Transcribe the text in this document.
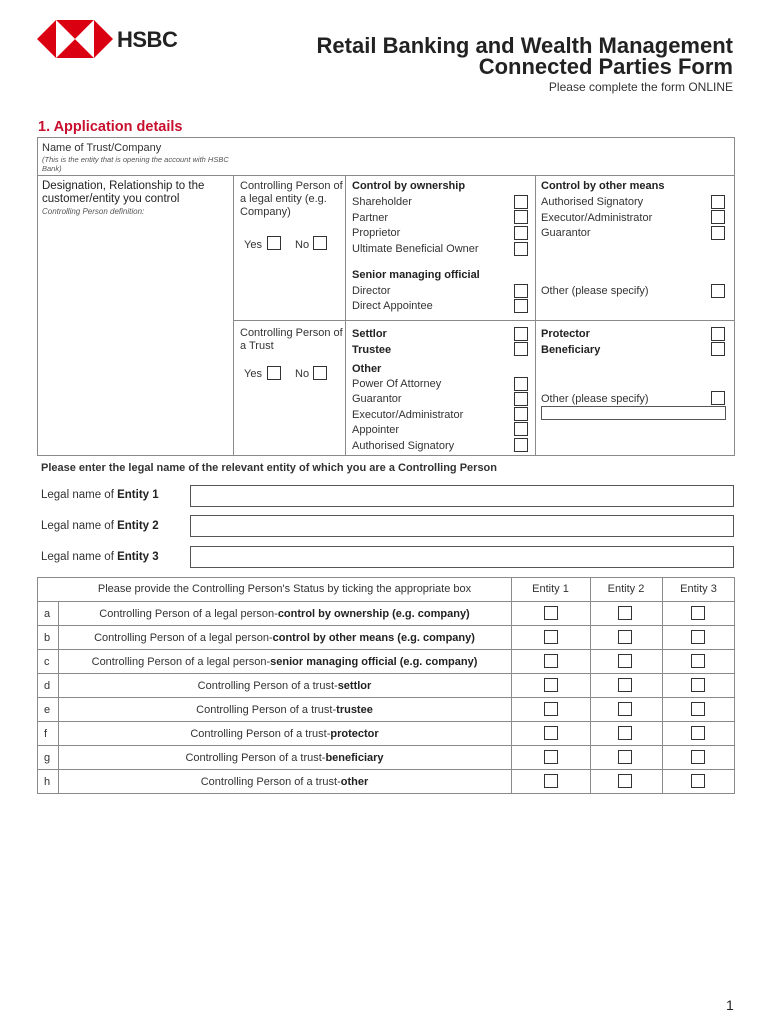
HSBC	Retail Banking and Wealth Management
Connected Parties Form
Please complete the form ONLINE
1. Application details
Name of Trust/Company
(This is the entity that is opening the account with HSBC Bank)
Designation, Relationship to the customer/entity you control
Controlling Person definition:
Controlling Person of a legal entity (e.g. Company)
Yes	No
Control by ownership
Shareholder
Partner
Proprietor
Ultimate Beneficial Owner
Control by other means
Authorised Signatory
Executor/Administrator
Guarantor
Senior managing official
Director
Direct Appointee
Other (please specify)
Controlling Person of a Trust
Yes	No
Settlor
Trustee
Protector
Beneficiary
Other
Power Of Attorney
Guarantor
Executor/Administrator
Appointer
Authorised Signatory
Other (please specify)
Please enter the legal name of the relevant entity of which you are a Controlling Person
Legal name of Entity 1
Legal name of Entity 2
Legal name of Entity 3
Please provide the Controlling Person's Status by ticking the appropriate box	Entity 1	Entity 2	Entity 3
a	Controlling Person of a legal person-control by ownership (e.g. company)
b	Controlling Person of a legal person-control by other means (e.g. company)
c	Controlling Person of a legal person-senior managing official (e.g. company)
d	Controlling Person of a trust-settlor
e	Controlling Person of a trust-trustee
f	Controlling Person of a trust-protector
g	Controlling Person of a trust-beneficiary
h	Controlling Person of a trust-other
1
